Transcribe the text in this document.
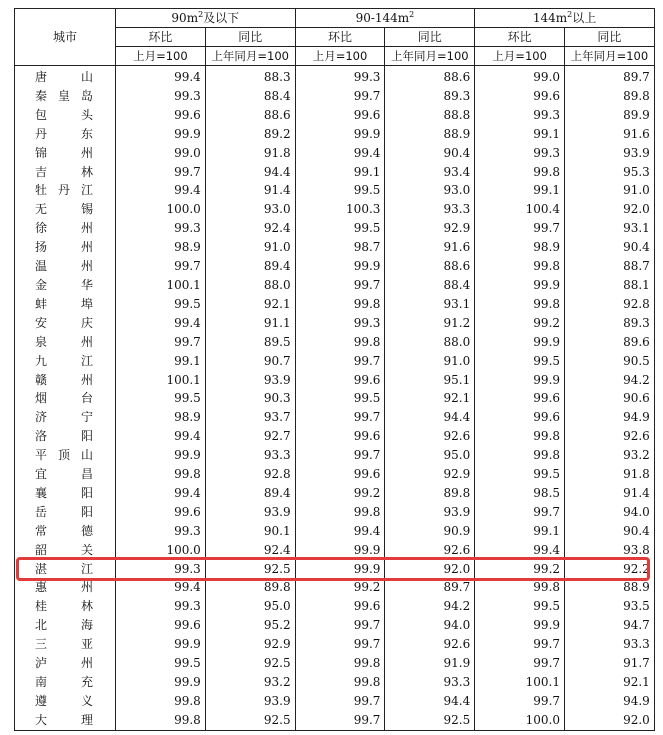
城市	$90m^2$及以下		$90-144m^2$		$144m^2$以上	
	环比	同比	环比	同比	环比	同比
	上月=100	上年同月=100	上月=100	上年同月=100	上月=100	上年同月=100
唐山	99.4	88.3	99.3	88.6	99.0	89.7
秦皇岛	99.3	88.4	99.7	89.3	99.6	89.8
包头	99.6	88.6	99.6	88.8	99.3	89.9
丹东	99.9	89.2	99.9	88.9	99.1	91.6
锦州	99.0	91.8	99.4	90.4	99.3	93.9
吉林	99.7	94.4	99.1	93.4	99.8	95.3
牡丹江	99.4	91.4	99.5	93.0	99.1	91.0
无锡	100.0	93.0	100.3	93.3	100.4	92.0
徐州	99.3	92.4	99.5	92.9	99.7	93.1
扬州	98.9	91.0	98.7	91.6	98.9	90.4
温州	99.7	89.4	99.9	88.6	99.8	88.7
金华	100.1	88.0	99.7	88.4	99.9	88.1
蚌埠	99.5	92.1	99.8	93.1	99.8	92.8
安庆	99.4	91.1	99.3	91.2	99.2	89.3
泉州	99.7	89.5	99.8	88.0	99.9	89.6
九江	99.1	90.7	99.7	91.0	99.5	90.5
赣州	100.1	93.9	99.6	95.1	99.9	94.2
烟台	99.5	90.3	99.5	92.1	99.6	90.6
济宁	98.9	93.7	99.7	94.4	99.6	94.9
洛阳	99.4	92.7	99.6	92.6	99.8	92.6
平顶山	99.9	93.3	99.7	95.0	99.8	93.2
宜昌	99.8	92.8	99.6	92.9	99.5	91.8
襄阳	99.4	89.4	99.2	89.8	98.5	91.4
岳阳	99.6	93.9	99.8	93.9	99.7	94.0
常德	99.3	90.1	99.4	90.9	99.1	90.4
韶关	100.0	92.4	99.9	92.6	99.4	93.8
湛江	99.3	92.5	99.9	92.0	99.2	92.2
惠州	99.4	89.8	99.2	89.7	99.8	88.9
桂林	99.3	95.0	99.6	94.2	99.5	93.5
北海	99.6	95.2	99.7	94.0	99.9	94.7
三亚	99.9	92.9	99.7	92.6	99.7	93.3
泸州	99.5	92.5	99.8	91.9	99.7	91.7
南充	99.9	93.2	99.8	93.3	100.1	92.1
遵义	99.8	93.9	99.7	94.4	99.7	94.9
大理	99.8	92.5	99.7	92.5	100.0	92.0
